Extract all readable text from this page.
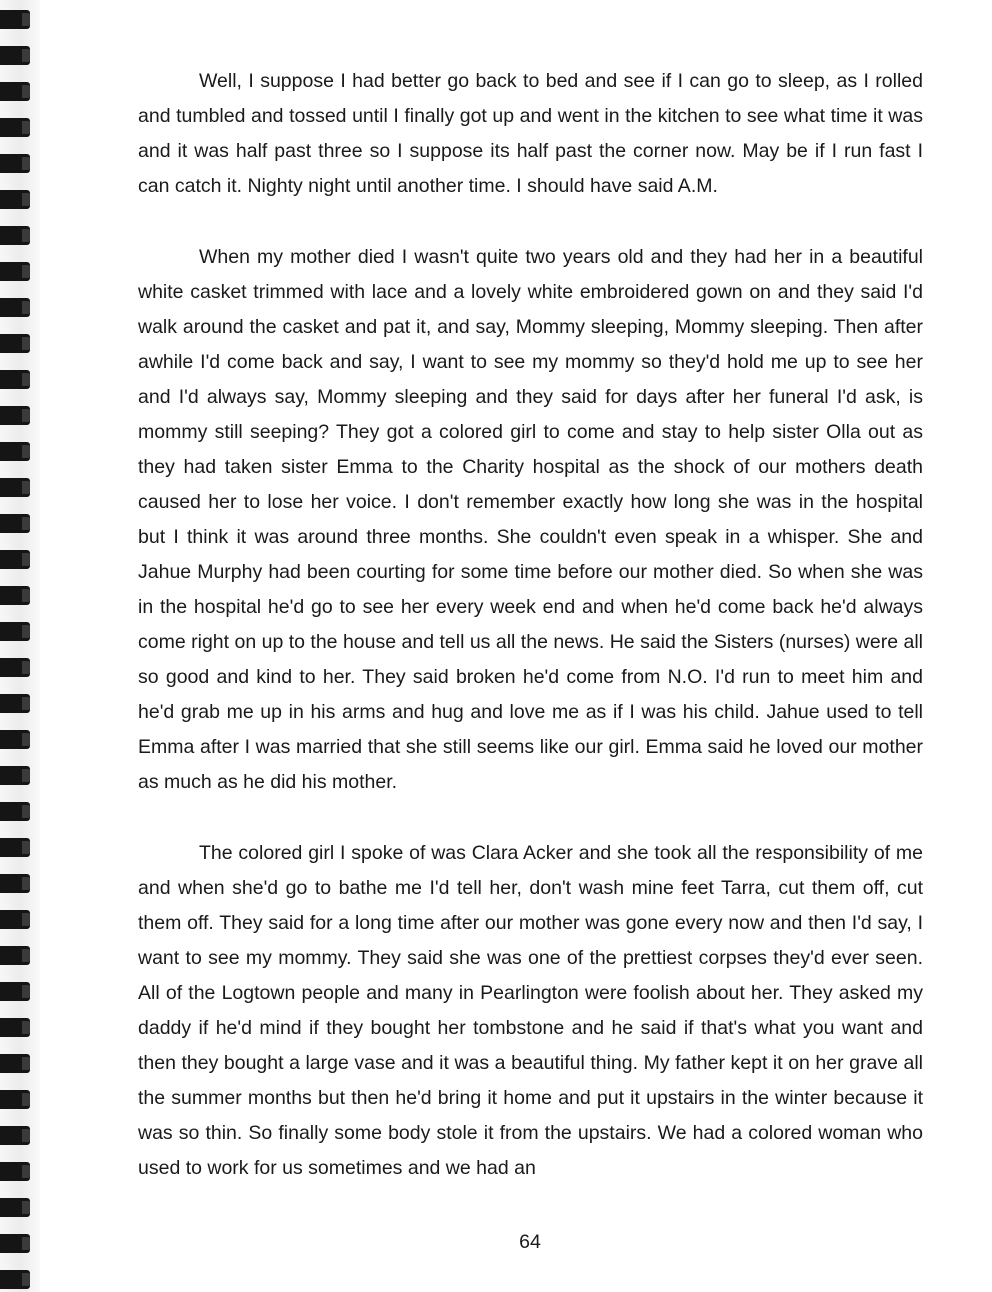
Well, I suppose I had better go back to bed and see if I can go to sleep, as I rolled and tumbled and tossed until I finally got up and went in the kitchen to see what time it was and it was half past three so I suppose its half past the corner now. May be if I run fast I can catch it. Nighty night until another time. I should have said A.M.

When my mother died I wasn't quite two years old and they had her in a beautiful white casket trimmed with lace and a lovely white embroidered gown on and they said I'd walk around the casket and pat it, and say, Mommy sleeping, Mommy sleeping. Then after awhile I'd come back and say, I want to see my mommy so they'd hold me up to see her and I'd always say, Mommy sleeping and they said for days after her funeral I'd ask, is mommy still seeping? They got a colored girl to come and stay to help sister Olla out as they had taken sister Emma to the Charity hospital as the shock of our mothers death caused her to lose her voice. I don't remember exactly how long she was in the hospital but I think it was around three months. She couldn't even speak in a whisper. She and Jahue Murphy had been courting for some time before our mother died. So when she was in the hospital he'd go to see her every week end and when he'd come back he'd always come right on up to the house and tell us all the news. He said the Sisters (nurses) were all so good and kind to her. They said broken he'd come from N.O. I'd run to meet him and he'd grab me up in his arms and hug and love me as if I was his child. Jahue used to tell Emma after I was married that she still seems like our girl. Emma said he loved our mother as much as he did his mother.

The colored girl I spoke of was Clara Acker and she took all the responsibility of me and when she'd go to bathe me I'd tell her, don't wash mine feet Tarra, cut them off, cut them off. They said for a long time after our mother was gone every now and then I'd say, I want to see my mommy. They said she was one of the prettiest corpses they'd ever seen. All of the Logtown people and many in Pearlington were foolish about her. They asked my daddy if he'd mind if they bought her tombstone and he said if that's what you want and then they bought a large vase and it was a beautiful thing. My father kept it on her grave all the summer months but then he'd bring it home and put it upstairs in the winter because it was so thin. So finally some body stole it from the upstairs. We had a colored woman who used to work for us sometimes and we had an

64
